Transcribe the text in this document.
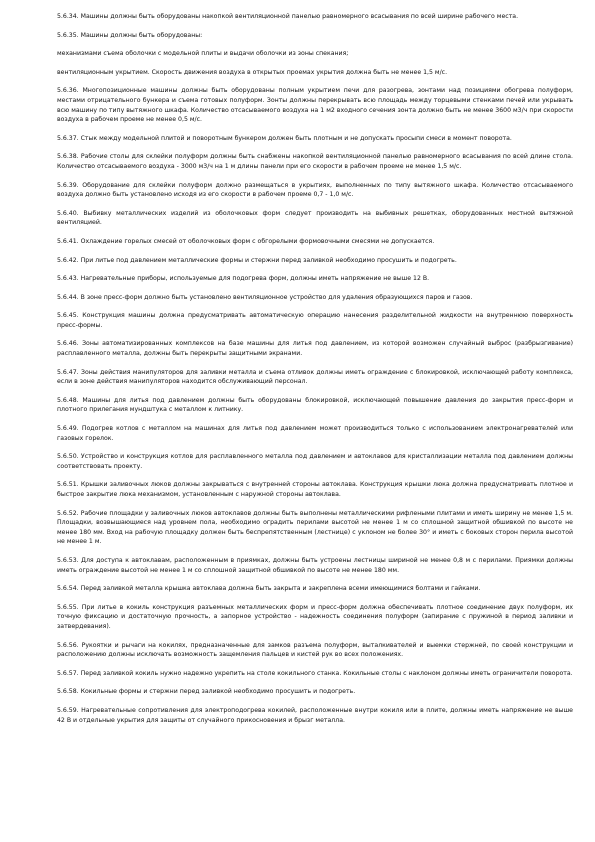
5.6.34. Машины должны быть оборудованы накопкой вентиляционной панелью равномерного всасывания по всей ширине рабочего места.

5.6.35. Машины должны быть оборудованы:

механизмами съема оболочки с модельной плиты и выдачи оболочки из зоны спекания;

вентиляционным укрытием. Скорость движения воздуха в открытых проемах укрытия должна быть не менее 1,5 м/с.

5.6.36. Многопозиционные машины должны быть оборудованы полным укрытием печи для разогрева, зонтами над позициями обогрева полуформ, местами отрицательного бункера и съема готовых полуформ. Зонты должны перекрывать всю площадь между торцевыми стенками печей или укрывать всю машину по типу вытяжного шкафа. Количество отсасываемого воздуха на 1 м2 входного сечения зонта должно быть не менее 3600 м3/ч при скорости воздуха в рабочем проеме не менее 0,5 м/с.

5.6.37. Стык между модельной плитой и поворотным бункером должен быть плотным и не допускать просыпи смеси в момент поворота.

5.6.38. Рабочие столы для склейки полуформ должны быть снабжены накопкой вентиляционной панелью равномерного всасывания по всей длине стола. Количество отсасываемого воздуха - 3000 м3/ч на 1 м длины панели при его скорости в рабочем проеме не менее 1,5 м/с.

5.6.39. Оборудование для склейки полуформ должно размещаться в укрытиях, выполненных по типу вытяжного шкафа. Количество отсасываемого воздуха должно быть установлено исходя из его скорости в рабочем проеме 0,7 - 1,0 м/с.

5.6.40. Выбивку металлических изделий из оболочковых форм следует производить на выбивных решетках, оборудованных местной вытяжной вентиляцией.

5.6.41. Охлаждение горелых смесей от оболочковых форм с обгорелыми формовочными смесями не допускается.

5.6.42. При литье под давлением металлические формы и стержни перед заливкой необходимо просушить и подогреть.

5.6.43. Нагревательные приборы, используемые для подогрева форм, должны иметь напряжение не выше 12 В.

5.6.44. В зоне пресс-форм должно быть установлено вентиляционное устройство для удаления образующихся паров и газов.

5.6.45. Конструкция машины должна предусматривать автоматическую операцию нанесения разделительной жидкости на внутреннюю поверхность пресс-формы.

5.6.46. Зоны автоматизированных комплексов на базе машины для литья под давлением, из которой возможен случайный выброс (разбрызгивание) расплавленного металла, должны быть перекрыты защитными экранами.

5.6.47. Зоны действия манипуляторов для заливки металла и съема отливок должны иметь ограждение с блокировкой, исключающей работу комплекса, если в зоне действия манипуляторов находится обслуживающий персонал.

5.6.48. Машины для литья под давлением должны быть оборудованы блокировкой, исключающей повышение давления до закрытия пресс-форм и плотного прилегания мундштука с металлом к литнику.

5.6.49. Подогрев котлов с металлом на машинах для литья под давлением может производиться только с использованием электронагревателей или газовых горелок.

5.6.50. Устройство и конструкция котлов для расплавленного металла под давлением и автоклавов для кристаллизации металла под давлением должны соответствовать проекту.

5.6.51. Крышки заливочных люков должны закрываться с внутренней стороны автоклава. Конструкция крышки люка должна предусматривать плотное и быстрое закрытие люка механизмом, установленным с наружной стороны автоклава.

5.6.52. Рабочие площадки у заливочных люков автоклавов должны быть выполнены металлическими рифлеными плитами и иметь ширину не менее 1,5 м. Площадки, возвышающиеся над уровнем пола, необходимо оградить перилами высотой не менее 1 м со сплошной защитной обшивкой по высоте не менее 180 мм. Вход на рабочую площадку должен быть беспрепятственным (лестнице) с уклоном не более 30° и иметь с боковых сторон перила высотой не менее 1 м.

5.6.53. Для доступа к автоклавам, расположенным в приямках, должны быть устроены лестницы шириной не менее 0,8 м с перилами. Приямки должны иметь ограждение высотой не менее 1 м со сплошной защитной обшивкой по высоте не менее 180 мм.

5.6.54. Перед заливкой металла крышка автоклава должна быть закрыта и закреплена всеми имеющимися болтами и гайками.

5.6.55. При литье в кокиль конструкция разъемных металлических форм и пресс-форм должна обеспечивать плотное соединение двух полуформ, их точную фиксацию и достаточную прочность, а запорное устройство - надежность соединения полуформ (запирание с пружиной в период заливки и затвердевания).

5.6.56. Рукоятки и рычаги на кокилях, предназначенные для замков разъема полуформ, выталкивателей и выемки стержней, по своей конструкции и расположению должны исключать возможность защемления пальцев и кистей рук во всех положениях.

5.6.57. Перед заливкой кокиль нужно надежно укрепить на столе кокильного станка. Кокильные столы с наклоном должны иметь ограничители поворота.

5.6.58. Кокильные формы и стержни перед заливкой необходимо просушить и подогреть.

5.6.59. Нагревательные сопротивления для электроподогрева кокилей, расположенные внутри кокиля или в плите, должны иметь напряжение не выше 42 В и отдельные укрытия для защиты от случайного прикосновения и брызг металла.
